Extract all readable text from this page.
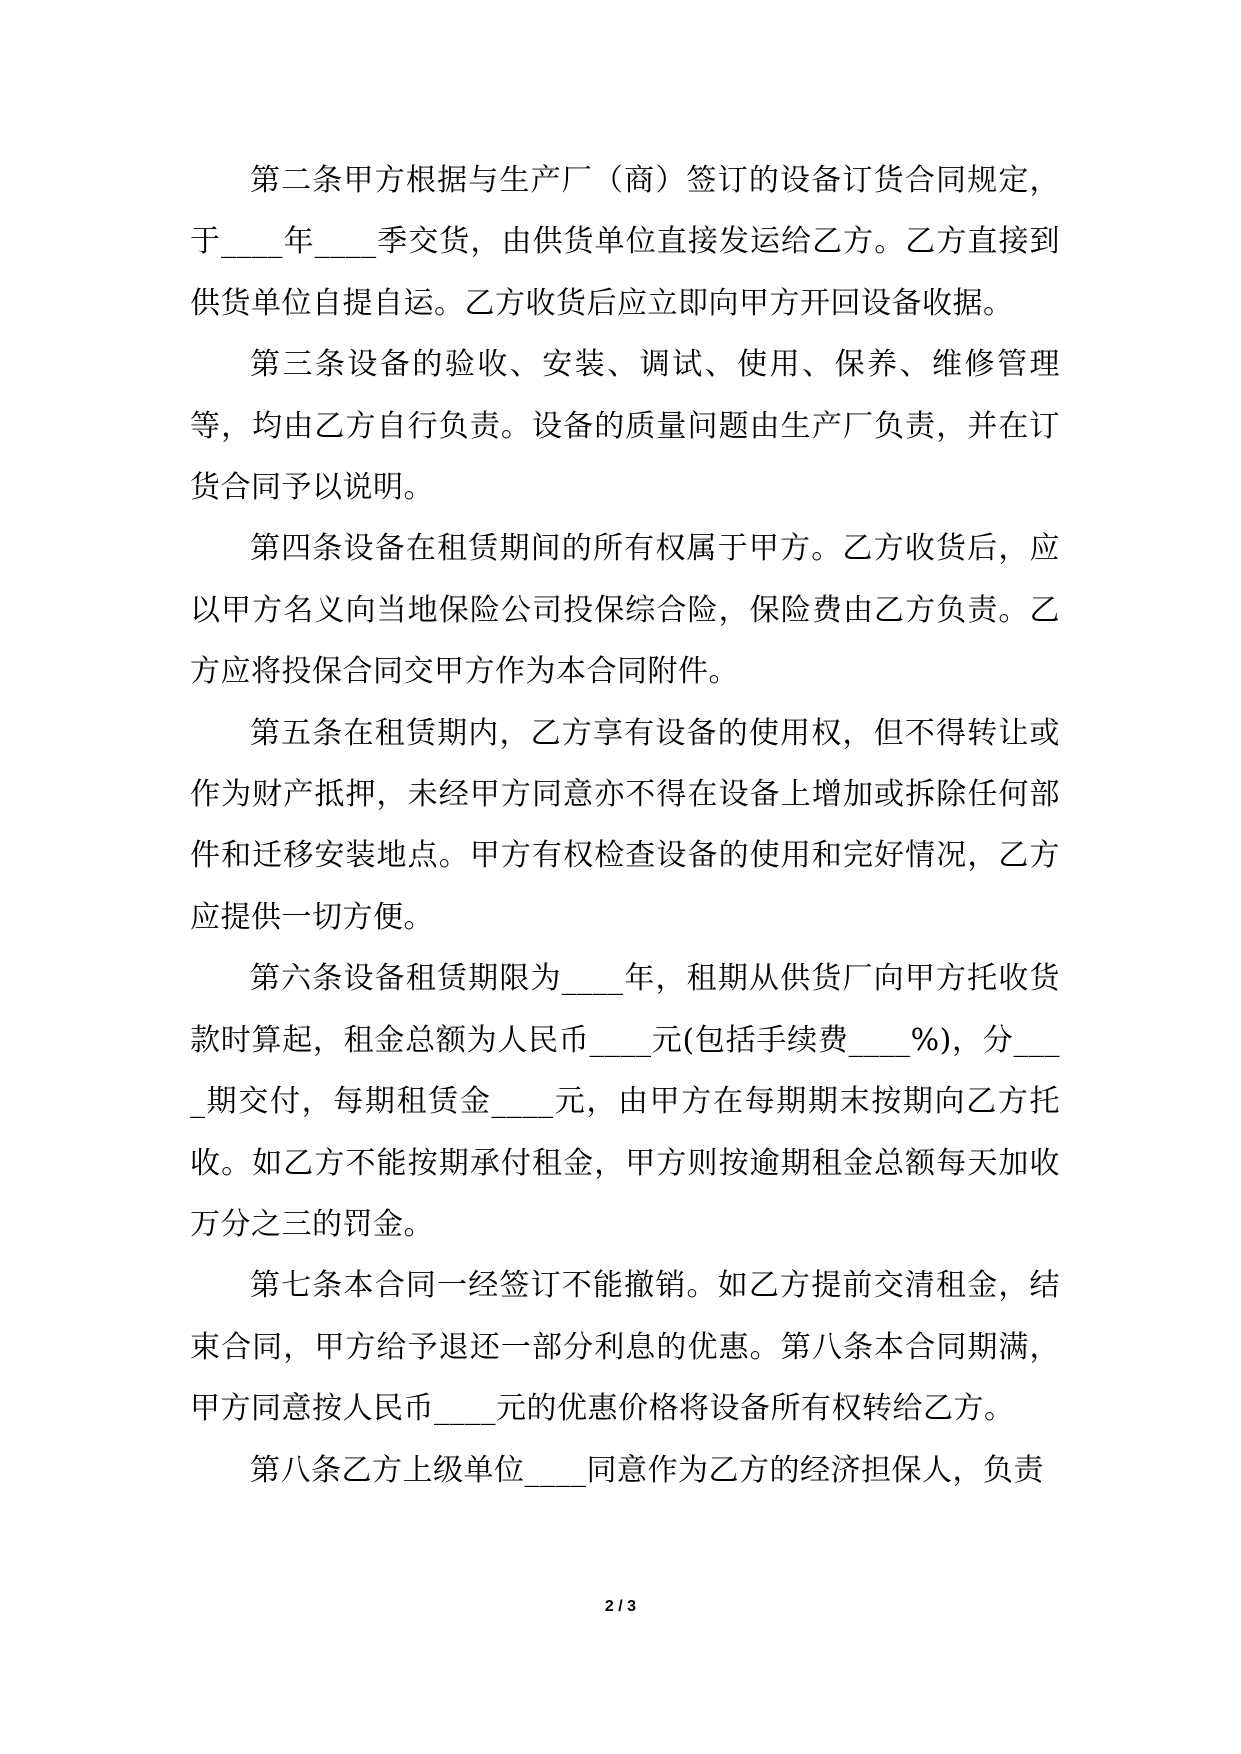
第二条甲方根据与生产厂（商）签订的设备订货合同规定，于____年____季交货，由供货单位直接发运给乙方。乙方直接到供货单位自提自运。乙方收货后应立即向甲方开回设备收据。

第三条设备的验收、安装、调试、使用、保养、维修管理等，均由乙方自行负责。设备的质量问题由生产厂负责，并在订货合同予以说明。

第四条设备在租赁期间的所有权属于甲方。乙方收货后，应以甲方名义向当地保险公司投保综合险，保险费由乙方负责。乙方应将投保合同交甲方作为本合同附件。

第五条在租赁期内，乙方享有设备的使用权，但不得转让或作为财产抵押，未经甲方同意亦不得在设备上增加或拆除任何部件和迁移安装地点。甲方有权检查设备的使用和完好情况，乙方应提供一切方便。

第六条设备租赁期限为____年，租期从供货厂向甲方托收货款时算起，租金总额为人民币____元(包括手续费____%)，分____期交付，每期租赁金____元，由甲方在每期期末按期向乙方托收。如乙方不能按期承付租金，甲方则按逾期租金总额每天加收万分之三的罚金。

第七条本合同一经签订不能撤销。如乙方提前交清租金，结束合同，甲方给予退还一部分利息的优惠。第八条本合同期满，甲方同意按人民币____元的优惠价格将设备所有权转给乙方。

第八条乙方上级单位____同意作为乙方的经济担保人，负责

2 / 3
